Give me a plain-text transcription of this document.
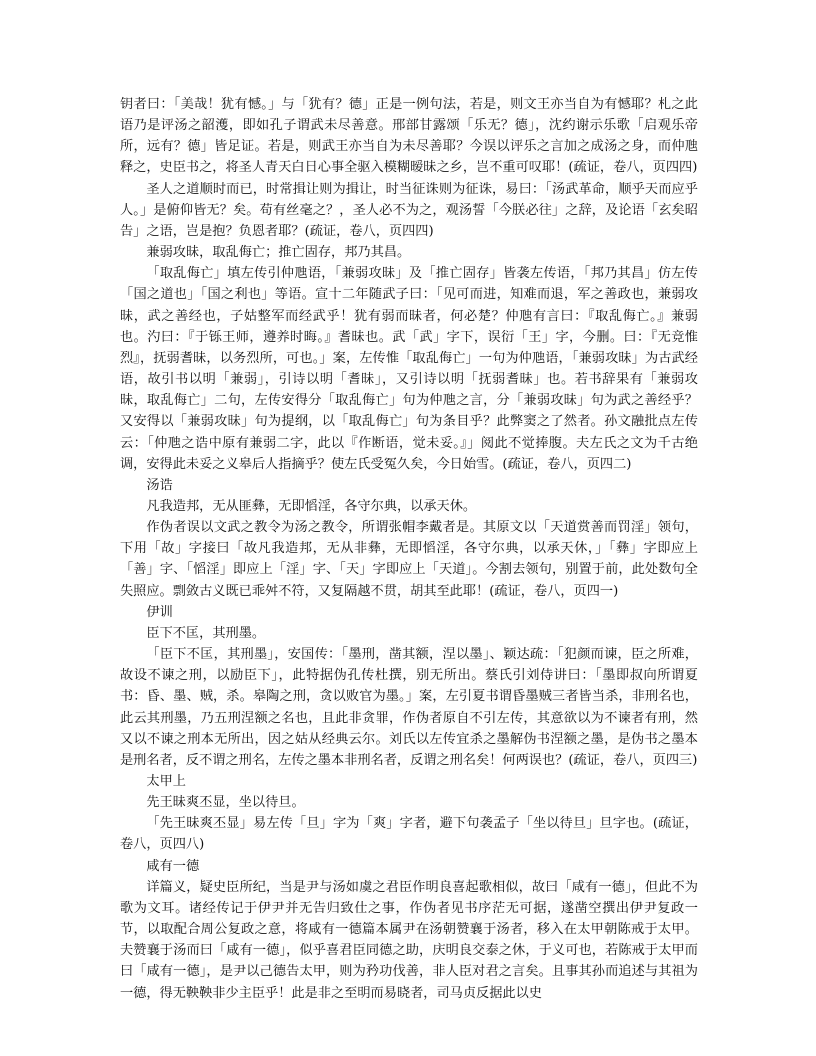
钥者曰：「美哉！犹有憾。」与「犹有？德」正是一例句法，若是，则文王亦当自为有憾耶？札之此语乃是评汤之韶濩，即如孔子谓武未尽善意。邢部甘露颂「乐无？德」，沈约谢示乐歌「启观乐帝所，远有？德」皆足证。若是，则武王亦当自为未尽善耶？今误以评乐之言加之成汤之身，而仲虺释之，史臣书之，将圣人青天白日心事全驱入模糊暧昧之乡，岂不重可叹耶！(疏证，卷八，页四四)

圣人之道顺时而已，时常揖让则为揖让，时当征诛则为征诛，易曰：「汤武革命，顺乎天而应乎人。」是俯仰皆无？矣。苟有丝毫之？，圣人必不为之，观汤誓「今朕必往」之辞，及论语「玄矣昭告」之语，岂是抱？负恩者耶？(疏证，卷八，页四四)

兼弱攻昧，取乱侮亡；推亡固存，邦乃其昌。

「取乱侮亡」填左传引仲虺语，「兼弱攻昧」及「推亡固存」皆袭左传语，「邦乃其昌」仿左传「国之道也」「国之利也」等语。宣十二年随武子曰：「见可而进，知难而退，军之善政也，兼弱攻昧，武之善经也，子姑整军而经武乎！犹有弱而昧者，何必楚？仲虺有言曰：『取乱侮亡。』兼弱也。汋曰：『于铄王师，遵养时晦。』耆昧也。武「武」字下，误衍「王」字，今删。曰：『无竞惟烈』，抚弱耆昧，以务烈所，可也。」案，左传惟「取乱侮亡」一句为仲虺语，「兼弱攻昧」为古武经语，故引书以明「兼弱」，引诗以明「耆昧」，又引诗以明「抚弱耆昧」也。若书辞果有「兼弱攻昧，取乱侮亡」二句，左传安得分「取乱侮亡」句为仲虺之言，分「兼弱攻昧」句为武之善经乎？又安得以「兼弱攻昧」句为提纲，以「取乱侮亡」句为条目乎？此弊窦之了然者。孙文融批点左传云：「仲虺之诰中原有兼弱二字，此以『作断语，觉未妥。』」阅此不觉捧腹。夫左氏之文为千古绝调，安得此未妥之义皋后人指摘乎？使左氏受冤久矣，今日始雪。(疏证，卷八，页四二)

汤诰

凡我造邦，无从匪彝，无即慆淫，各守尔典，以承天休。

作伪者误以文武之教令为汤之教令，所谓张帽李戴者是。其原文以「天道赏善而罚淫」领句，下用「故」字接曰「故凡我造邦，无从非彝，无即慆淫，各守尔典，以承天休，」「彝」字即应上「善」字、「慆淫」即应上「淫」字、「天」字即应上「天道」。今割去领句，别置于前，此处数句全失照应。剽敛古义既已乖舛不符，又复隔越不贯，胡其至此耶！(疏证，卷八，页四一)

伊训

臣下不匡，其刑墨。

「臣下不匡，其刑墨」，安国传：「墨刑，凿其额，涅以墨」、颖达疏：「犯颜而谏，臣之所难，故设不谏之刑，以励臣下」，此特据伪孔传杜撰，别无所出。蔡氏引刘侍讲曰：「墨即叔向所谓夏书：昏、墨、贼，杀。皋陶之刑，贪以败官为墨。」案，左引夏书谓昏墨贼三者皆当杀，非刑名也，此云其刑墨，乃五刑涅额之名也，且此非贪罪，作伪者原自不引左传，其意欲以为不谏者有刑，然又以不谏之刑本无所出，因之姑从经典云尔。刘氏以左传宜杀之墨解伪书涅额之墨，是伪书之墨本是刑名者，反不谓之刑名，左传之墨本非刑名者，反谓之刑名矣！何两误也？(疏证，卷八，页四三)

太甲上

先王昧爽丕显，坐以待旦。

「先王昧爽丕显」易左传「旦」字为「爽」字者，避下句袭孟子「坐以待旦」旦字也。(疏证，卷八，页四八)

咸有一德

详篇义，疑史臣所纪，当是尹与汤如虞之君臣作明良喜起歌相似，故曰「咸有一德」，但此不为歌为文耳。诸经传记于伊尹并无告归致仕之事，作伪者见书序茫无可据，遂凿空撰出伊尹复政一节，以取配合周公复政之意，将咸有一德篇本属尹在汤朝赞襄于汤者，移入在太甲朝陈戒于太甲。夫赞襄于汤而曰「咸有一德」，似乎喜君臣同德之助，庆明良交泰之休，于义可也，若陈戒于太甲而曰「咸有一德」，是尹以己德告太甲，则为矜功伐善，非人臣对君之言矣。且事其孙而追述与其祖为一德，得无鞅鞅非少主臣乎！此是非之至明而易晓者，司马贞反据此以史
